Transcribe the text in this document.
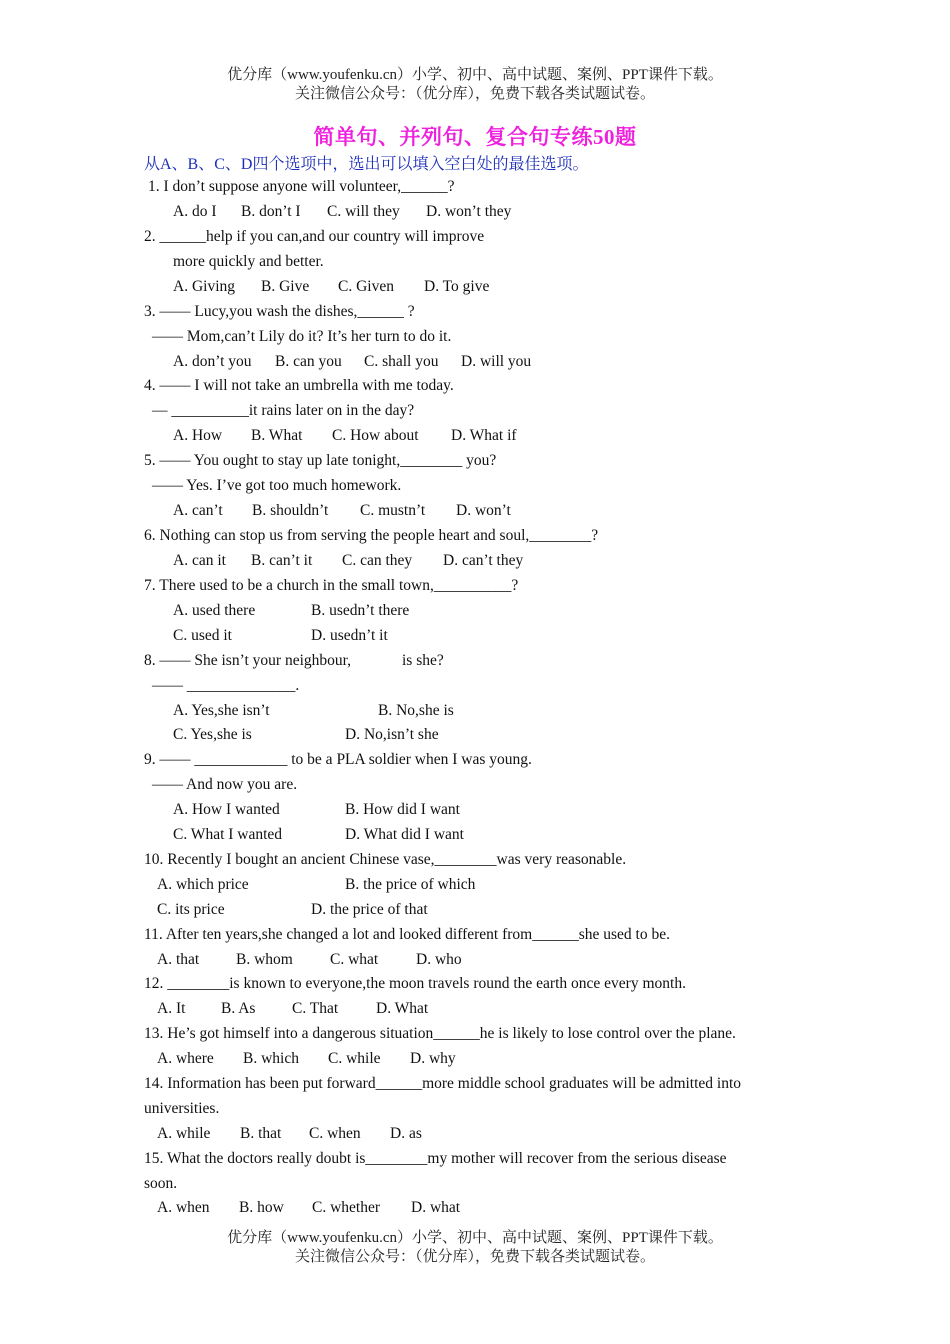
优分库（www.youfenku.cn）小学、初中、高中试题、案例、PPT课件下载。
关注微信公众号：（优分库），免费下载各类试题试卷。
简单句、并列句、复合句专练50题
从A、B、C、D四个选项中，选出可以填入空白处的最佳选项。
1. I don’t suppose anyone will volunteer,______?
A. do I B. don’t I C. will they D. won’t they
2. ______help if you can,and our country will improve
more quickly and better.
A. Giving B. Give C. Given D. To give
3. —— Lucy,you wash the dishes,______ ?
—— Mom,can’t Lily do it? It’s her turn to do it.
A. don’t you B. can you C. shall you D. will you
4. —— I will not take an umbrella with me today.
— __________it rains later on in the day?
A. How B. What C. How about D. What if
5. —— You ought to stay up late tonight,________ you?
—— Yes. I’ve got too much homework.
A. can’t B. shouldn’t C. mustn’t D. won’t
6. Nothing can stop us from serving the people heart and soul,________?
A. can it B. can’t it C. can they D. can’t they
7. There used to be a church in the small town,__________?
A. used there	B. usedn’t there
C. used it	D. usedn’t it
8. —— She isn’t your neighbour,	is she?
—— ______________.
A. Yes,she isn’t	B. No,she is
C. Yes,she is	D. No,isn’t she
9. —— ____________ to be a PLA soldier when I was young.
—— And now you are.
A. How I wanted	B. How did I want
C. What I wanted	D. What did I want
10. Recently I bought an ancient Chinese vase,________was very reasonable.
A. which price	B. the price of which
C. its price	D. the price of that
11. After ten years,she changed a lot and looked different from______she used to be.
A. that B. whom C. what D. who
12. ________is known to everyone,the moon travels round the earth once every month.
A. It B. As C. That D. What
13. He’s got himself into a dangerous situation______he is likely to lose control over the plane.
A. where B. which C. while D. why
14. Information has been put forward______more middle school graduates will be admitted into
universities.
A. while B. that C. when D. as
15. What the doctors really doubt is________my mother will recover from the serious disease
soon.
A. when B. how C. whether D. what
优分库（www.youfenku.cn）小学、初中、高中试题、案例、PPT课件下载。
关注微信公众号：（优分库），免费下载各类试题试卷。
